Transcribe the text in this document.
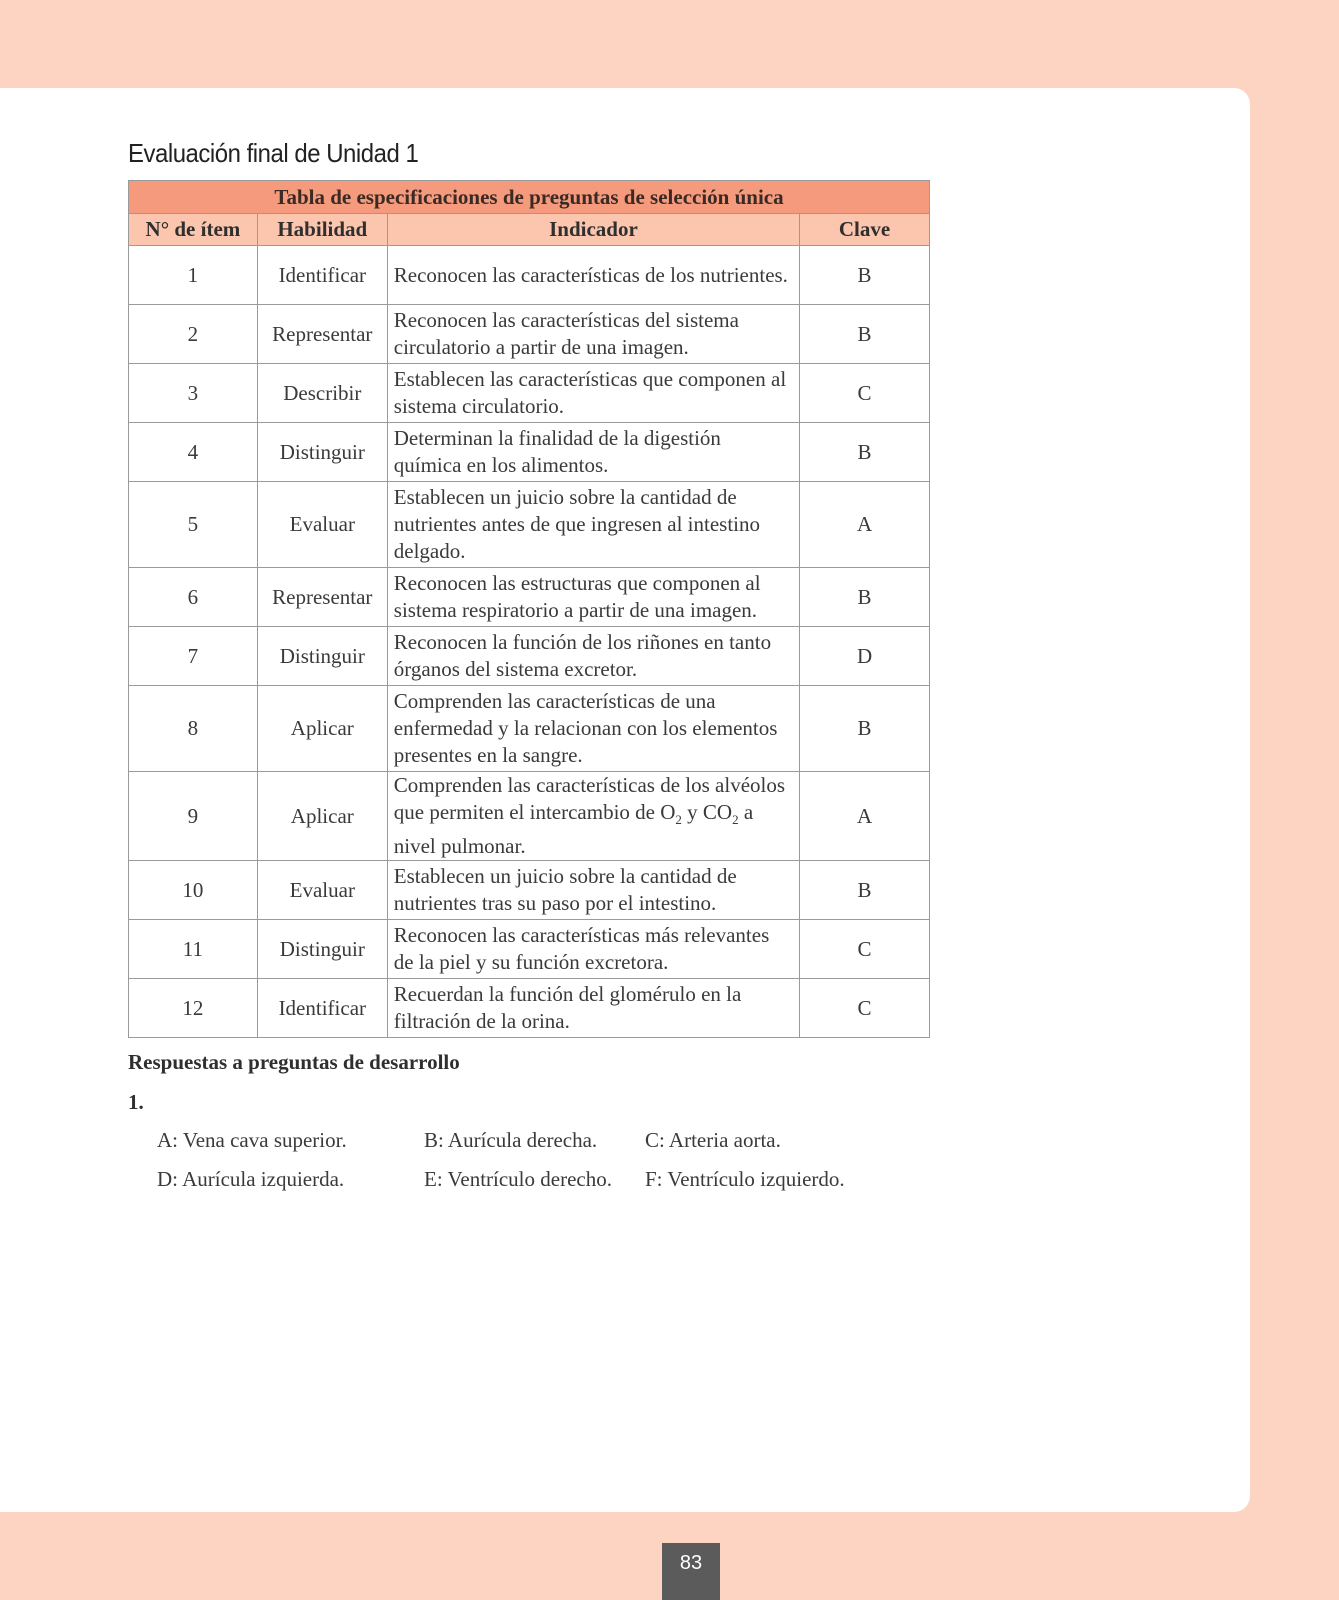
Evaluación final de Unidad 1
Tabla de especificaciones de preguntas de selección única			
N° de ítem	Habilidad	Indicador	Clave
1	Identificar	Reconocen las características de los nutrientes.	B
2	Representar	Reconocen las características del sistema circulatorio a partir de una imagen.	B
3	Describir	Establecen las características que componen al sistema circulatorio.	C
4	Distinguir	Determinan la finalidad de la digestión química en los alimentos.	B
5	Evaluar	Establecen un juicio sobre la cantidad de nutrientes antes de que ingresen al intestino delgado.	A
6	Representar	Reconocen las estructuras que componen al sistema respiratorio a partir de una imagen.	B
7	Distinguir	Reconocen la función de los riñones en tanto órganos del sistema excretor.	D
8	Aplicar	Comprenden las características de una enfermedad y la relacionan con los elementos presentes en la sangre.	B
9	Aplicar	Comprenden las características de los alvéolos que permiten el intercambio de $O_2$ y $CO_2$ a nivel pulmonar.	A
10	Evaluar	Establecen un juicio sobre la cantidad de nutrientes tras su paso por el intestino.	B
11	Distinguir	Reconocen las características más relevantes de la piel y su función excretora.	C
12	Identificar	Recuerdan la función del glomérulo en la filtración de la orina.	C
Respuestas a preguntas de desarrollo
1.
A: Vena cava superior.	B: Aurícula derecha. C: Arteria aorta.
D: Aurícula izquierda.	E: Ventrículo derecho. F: Ventrículo izquierdo.
83
